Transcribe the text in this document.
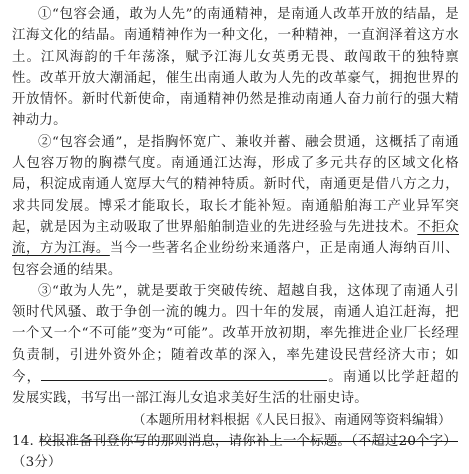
①“包容会通，敢为人先”的南通精神，是南通人改革开放的结晶，是江海文化的结晶。南通精神作为一种文化，一种精神，一直润泽着这方水土。江风海韵的千年荡涤，赋予江海儿女英勇无畏、敢闯敢干的独特禀性。改革开放大潮涌起，催生出南通人敢为人先的改革豪气，拥抱世界的开放情怀。新时代新使命，南通精神仍然是推动南通人奋力前行的强大精神动力。

②“包容会通”，是指胸怀宽广、兼收并蓄、融会贯通，这概括了南通人包容万物的胸襟气度。南通通江达海，形成了多元共存的区域文化格局，积淀成南通人宽厚大气的精神特质。新时代，南通更是借八方之力，求共同发展。博采才能取长，取长才能补短。南通船舶海工产业异军突起，就是因为主动吸取了世界船舶制造业的先进经验与先进技术。不拒众流，方为江海。当今一些著名企业纷纷来通落户，正是南通人海纳百川、包容会通的结果。

③“敢为人先”，就是要敢于突破传统、超越自我，这体现了南通人引领时代风骚、敢于争创一流的魄力。四十年的发展，南通人追江赶海，把一个又一个“不可能”变为“可能”。改革开放初期，率先推进企业厂长经理负责制，引进外资外企；随着改革的深入，率先建设民营经济大市；如今，	。南通以比学赶超的发展实践，书写出一部江海儿女追求美好生活的壮丽史诗。

（本题所用材料根据《人民日报》、南通网等资料编辑）

14. 校报准备刊登你写的那则消息，请你补上一个标题。（不超过20个字）（3分）
